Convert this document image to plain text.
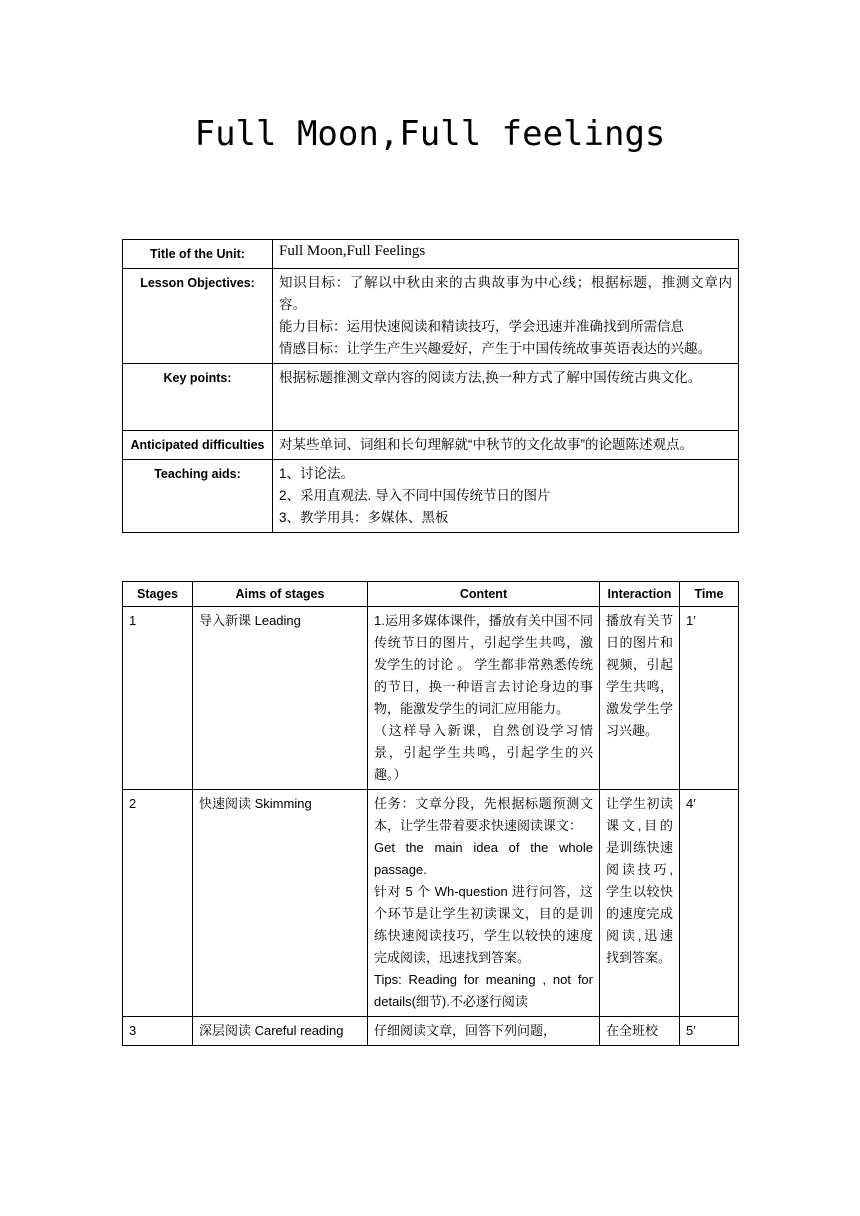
Full Moon,Full feelings
Title of the Unit:	Full Moon,Full Feelings
Lesson Objectives:	知识目标：了解以中秋由来的古典故事为中心线；根据标题，推测文章内容。
能力目标：运用快速阅读和精读技巧，学会迅速并准确找到所需信息
情感目标：让学生产生兴趣爱好，产生于中国传统故事英语表达的兴趣。

Key points:	根据标题推测文章内容的阅读方法,换一种方式了解中国传统古典文化。
Anticipated difficulties	对某些单词、词组和长句理解就“中秋节的文化故事”的论题陈述观点。
Teaching aids:	1、讨论法。
2、采用直观法. 导入不同中国传统节日的图片
3、教学用具：多媒体、黑板
Stages	Aims of stages	Content	Interaction	Time
1	导入新课 Leading	1.运用多媒体课件，播放有关中国不同传统节日的图片，引起学生共鸣，激发学生的讨论 。 学生都非常熟悉传统的节日，换一种语言去讨论身边的事物，能激发学生的词汇应用能力。
（这样导入新课，自然创设学习情景，引起学生共鸣，引起学生的兴趣。）	播放有关节日的图片和视频，引起学生共鸣，激发学生学习兴趣。	1′
2	快速阅读 Skimming	任务：文章分段，先根据标题预测文本，让学生带着要求快速阅读课文：
Get the main idea of the whole passage.
针对 5 个 Wh-question 进行问答，这个环节是让学生初读课文，目的是训练快速阅读技巧，学生以较快的速度完成阅读，迅速找到答案。
Tips: Reading for meaning , not for details(细节).不必逐行阅读	让学生初读课文,目的是训练快速阅读技巧,学生以较快的速度完成阅读,迅速找到答案。	4′
3	深层阅读 Careful reading	仔细阅读文章，回答下列问题，	在全班校	5′
